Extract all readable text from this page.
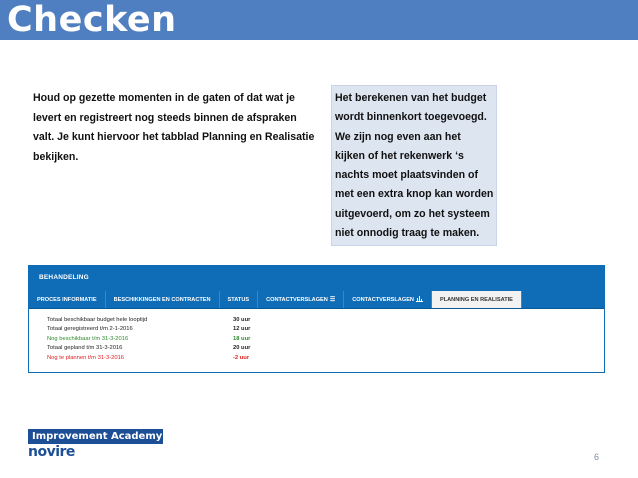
Checken
Houd op gezette momenten in de gaten of dat wat je
levert en registreert nog steeds binnen de afspraken
valt. Je kunt hiervoor het tabblad Planning en Realisatie
bekijken.
Het berekenen van het budget
wordt binnenkort toegevoegd.
We zijn nog even aan het
kijken of het rekenwerk ‘s
nachts moet plaatsvinden of
met een extra knop kan worden
uitgevoerd, om zo het systeem
niet onnodig traag te maken.
BEHANDELING
PROCES INFORMATIE	BESCHIKKINGEN EN CONTRACTEN	STATUS	CONTACTVERSLAGEN ☰	CONTACTVERSLAGEN	PLANNING EN REALISATIE
Totaal beschikbaar budget hele looptijd	30 uur
Totaal geregistreerd t/m 2-1-2016	12 uur
Nog beschikbaar t/m 31-3-2016	18 uur
Totaal gepland t/m 31-3-2016	20 uur
Nog te plannen t/m 31-3-2016	-2 uur
Improvement Academy
novire	6
